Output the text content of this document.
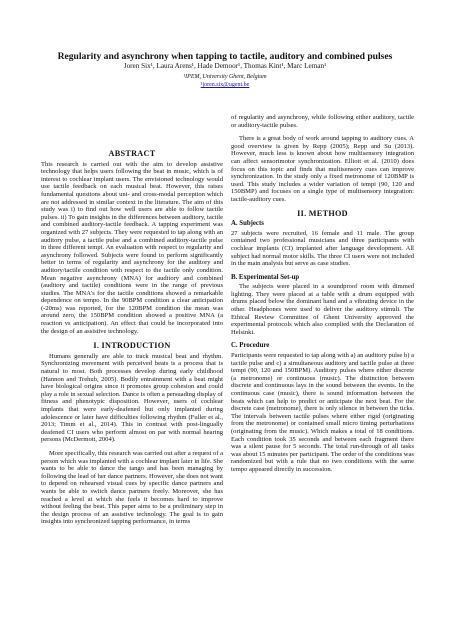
Regularity and asynchrony when tapping to tactile, auditory and combined pulses
Joren Six¹, Laura Arens¹, Hade Demoor¹, Thomas Kint¹, Marc Leman¹
¹IPEM, University Ghent, Belgium
¹joren.six@ugent.be
ABSTRACT

This research is carried out with the aim to develop assistive technology that helps users following the beat in music, which is of interest to cochlear implant users. The envisioned technology would use tactile feedback on each musical beat. However, this raises fundamental questions about uni- and cross-modal perception which are not addressed in similar context in the literature. The aim of this study was i) to find out how well users are able to follow tactile pulses. ii) To gain insights in the differences between auditory, tactile and combined auditory-tactile feedback. A tapping experiment was organized with 27 subjects. They were requested to tap along with an auditory pulse, a tactile pulse and a combined auditory-tactile pulse in three different tempi. An evaluation with respect to regularity and asynchrony followed. Subjects were found to perform significantly better in terms of regularity and asynchrony for the auditory and auditory/tactile condition with respect to the tactile only condition. Mean negative asynchrony (MNA) for auditory and combined (auditory and tactile) conditions were in the range of previous studies. The MNA's for the tactile conditions showed a remarkable dependence on tempo. In the 90BPM condition a clear anticipation (-20ms) was reported, for the 120BPM condition the mean was around zero, the 150BPM condition showed a positive MNA (a reaction vs anticipation). An effect that could be incorporated into the design of an assistive technology.

I. INTRODUCTION

Humans generally are able to track musical beat and rhythm. Synchronizing movement with perceived beats is a process that is natural to most. Both processes develop during early childhood (Hannon and Trehub, 2005). Bodily entrainment with a beat might have biological origins since it promotes group cohesion and could play a role in sexual selection. Dance is often a persuading display of fitness and phenotypic disposition. However, users of cochlear implants that were early-deafened but only implanted during adolescence or later have difficulties following rhythm (Fuller et al., 2013; Timm et al., 2014). This in contrast with post-lingually deafened CI users who perform almost on par with normal hearing persons (McDermott, 2004).

More specifically, this research was carried out after a request of a person which was implanted with a cochlear implant later in life. She wants to be able to dance the tango and has been managing by following the lead of her dance partners. However, she does not want to depend on rehearsed visual cues by specific dance partners and wants be able to switch dance partners freely. Moreover, she has reached a level at which she feels it becomes hard to improve without feeling the beat. This paper aims to be a preliminary step in the design process of an assistive technology. The goal is to gain insights into synchronized tapping performance, in terms

of regularity and asynchrony, while following either auditory, tactile or auditory-tactile pulses.

There is a great body of work around tapping to auditory cues. A good overview is given by Repp (2005); Repp and Su (2013). However, much less is known about how multisensory integration can affect sensorimotor synchronization. Elliott et al. (2010) does focus on this topic and finds that multisensory cues can improve synchronization. In the study only a fixed metronome of 120BMP is used. This study includes a wider variation of tempi (90, 120 and 150BMP) and focuses on a single type of multisensory integration: tactile-auditory cues.

II. METHOD
A. Subjects

27 subjects were recruited, 16 female and 11 male. The group contained two professional musicians and three participants with cochlear implants (CI) implanted after language development. All subject had normal motor skills. The three CI users were not included in the main analysis but serve as case studies.

B. Experimental Set-up

The subjects were placed in a soundproof room with dimmed lighting. They were placed at a table with a drum equipped with drums placed below the dominant hand and a vibrating device in the other. Headphones were used to deliver the auditory stimuli. The Ethical Review Committee of Ghent University approved the experimental protocols which also complied with the Declaration of Helsinki.

C. Procedure

Participants were requested to tap along with a) an auditory pulse b) a tactile pulse and c) a simultaneous auditory and tactile pulse at three tempi (90, 120 and 150BPM). Auditory pulses where either discrete (a metronome) or continuous (music). The distinction between discrete and continuous lays in the sound between the events. In the continuous case (music), there is sound information between the beats which can help to predict or anticipate the next beat. For the discrete case (metronome), there is only silence in between the ticks. The intervals between tactile pulses where either rigid (originating from the metronome) or contained small micro timing perturbations (originating from the music). Which makes a total of 18 conditions. Each condition took 35 seconds and between each fragment there was a silent pause for 5 seconds. The total run-through of all tasks was about 15 minutes per participant. The order of the conditions was randomized but with a rule that no two conditions with the same tempo appeared directly in succession.
